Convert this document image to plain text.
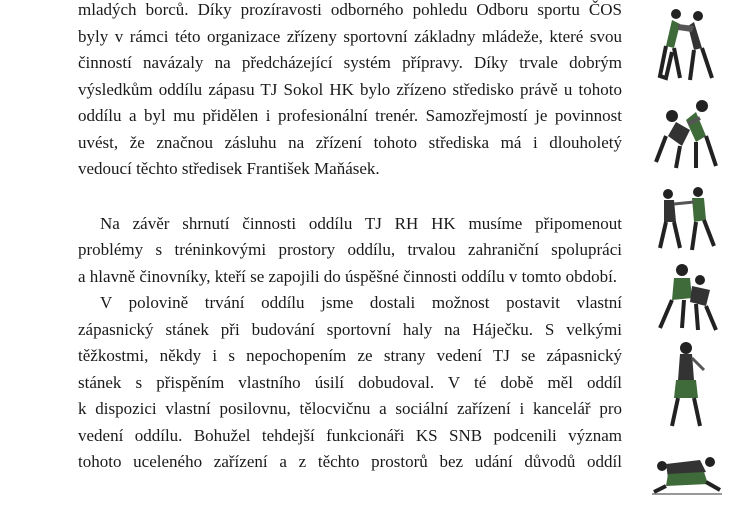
mladých borců. Díky prozíravosti odborného pohledu Odboru sportu ČOS
byly v rámci této organizace zřízeny sportovní základny mládeže, které svou
činností navázaly na předcházející systém přípravy. Díky trvale dobrým
výsledkům oddílu zápasu TJ Sokol HK bylo zřízeno středisko právě u tohoto
oddílu a byl mu přidělen i profesionální trenér. Samozřejmostí je povinnost
uvést, že značnou zásluhu na zřízení tohoto střediska má i dlouholetý
vedoucí těchto středisek František Maňásek.
Na závěr shrnutí činnosti oddílu TJ RH HK musíme připomenout
problémy s tréninkovými prostory oddílu, trvalou zahraniční spolupráci
a hlavně činovníky, kteří se zapojili do úspěšné činnosti oddílu v tomto období.
V polovině trvání oddílu jsme dostali možnost postavit vlastní
zápasnický stánek při budování sportovní haly na Háječku. S velkými
těžkostmi, někdy i s nepochopením ze strany vedení TJ se zápasnický
stánek s přispěním vlastního úsilí dobudoval. V té době měl oddíl
k dispozici vlastní posilovnu, tělocvičnu a sociální zařízení i kancelář pro
vedení oddílu. Bohužel tehdejší funkcionáři KS SNB podcenili význam
tohoto uceleného zařízení a z těchto prostorů bez udání důvodů oddíl
